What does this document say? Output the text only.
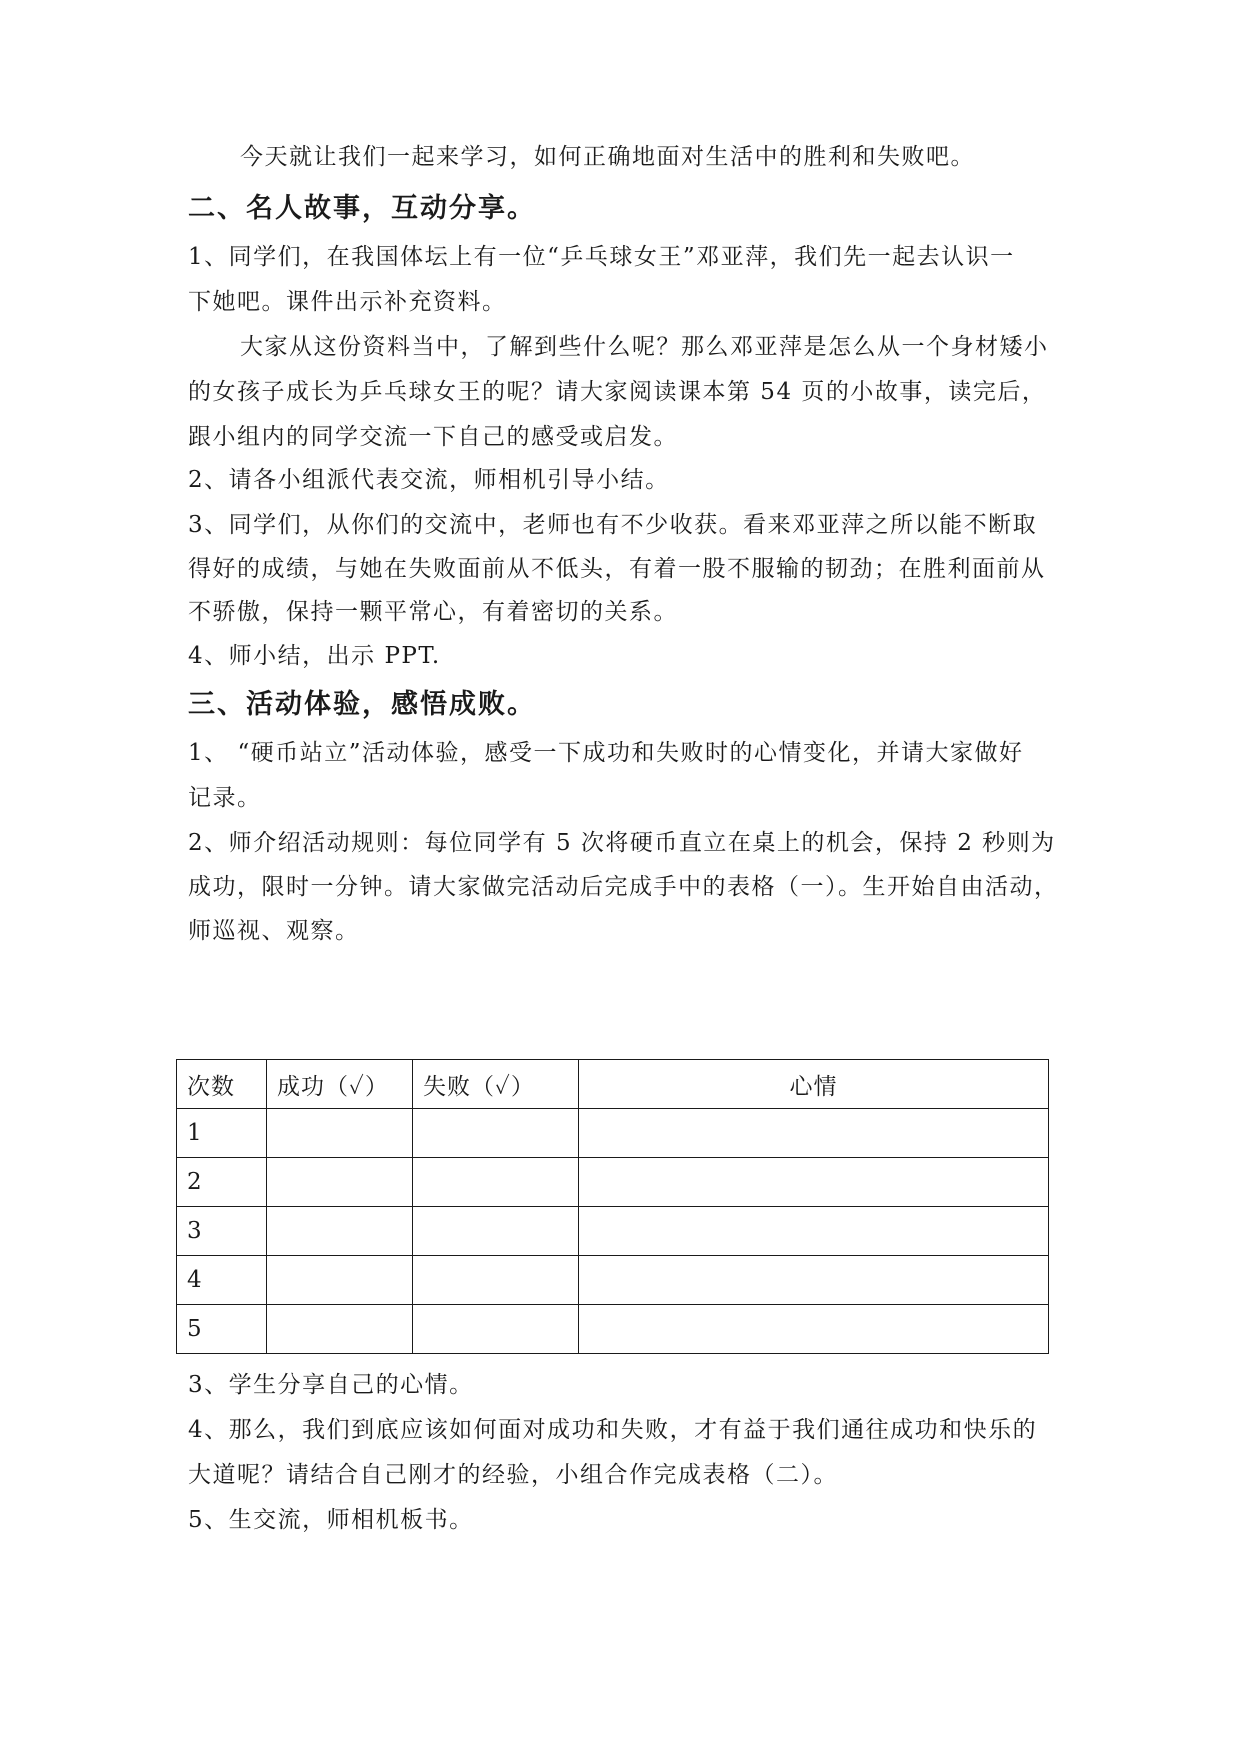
今天就让我们一起来学习，如何正确地面对生活中的胜利和失败吧。
二、名人故事，互动分享。
1、同学们，在我国体坛上有一位“乒乓球女王”邓亚萍，我们先一起去认识一
下她吧。课件出示补充资料。
大家从这份资料当中，了解到些什么呢？那么邓亚萍是怎么从一个身材矮小
的女孩子成长为乒乓球女王的呢？请大家阅读课本第 54 页的小故事，读完后，
跟小组内的同学交流一下自己的感受或启发。
2、请各小组派代表交流，师相机引导小结。
3、同学们，从你们的交流中，老师也有不少收获。看来邓亚萍之所以能不断取
得好的成绩，与她在失败面前从不低头，有着一股不服输的韧劲；在胜利面前从
不骄傲，保持一颗平常心，有着密切的关系。
4、师小结，出示 PPT.
三、活动体验，感悟成败。
1、 “硬币站立”活动体验，感受一下成功和失败时的心情变化，并请大家做好
记录。
2、师介绍活动规则：每位同学有 5 次将硬币直立在桌上的机会，保持 2 秒则为
成功，限时一分钟。请大家做完活动后完成手中的表格（一）。生开始自由活动，
师巡视、观察。
次数	成功（✓）	失败（✓）	心情
1			
2			
3			
4			
5			
3、学生分享自己的心情。
4、那么，我们到底应该如何面对成功和失败，才有益于我们通往成功和快乐的
大道呢？请结合自己刚才的经验，小组合作完成表格（二）。
5、生交流，师相机板书。
